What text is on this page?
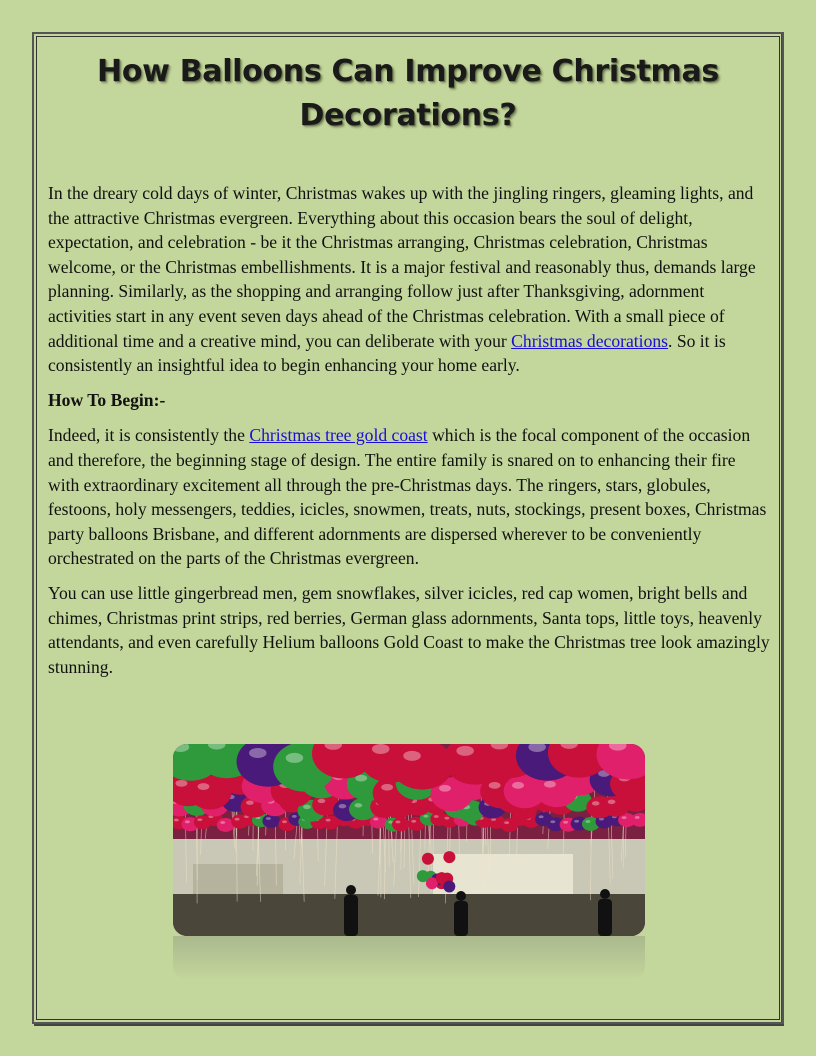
How Balloons Can Improve Christmas
Decorations?

In the dreary cold days of winter, Christmas wakes up with the jingling ringers, gleaming lights, and the attractive Christmas evergreen. Everything about this occasion bears the soul of delight, expectation, and celebration - be it the Christmas arranging, Christmas celebration, Christmas welcome, or the Christmas embellishments. It is a major festival and reasonably thus, demands large planning. Similarly, as the shopping and arranging follow just after Thanksgiving, adornment activities start in any event seven days ahead of the Christmas celebration. With a small piece of additional time and a creative mind, you can deliberate with your Christmas decorations. So it is consistently an insightful idea to begin enhancing your home early.

How To Begin:-

Indeed, it is consistently the Christmas tree gold coast which is the focal component of the occasion and therefore, the beginning stage of design. The entire family is snared on to enhancing their fire with extraordinary excitement all through the pre-Christmas days. The ringers, stars, globules, festoons, holy messengers, teddies, icicles, snowmen, treats, nuts, stockings, present boxes, Christmas party balloons Brisbane, and different adornments are dispersed wherever to be conveniently orchestrated on the parts of the Christmas evergreen.

You can use little gingerbread men, gem snowflakes, silver icicles, red cap women, bright bells and chimes, Christmas print strips, red berries, German glass adornments, Santa tops, little toys, heavenly attendants, and even carefully Helium balloons Gold Coast to make the Christmas tree look amazingly stunning.
